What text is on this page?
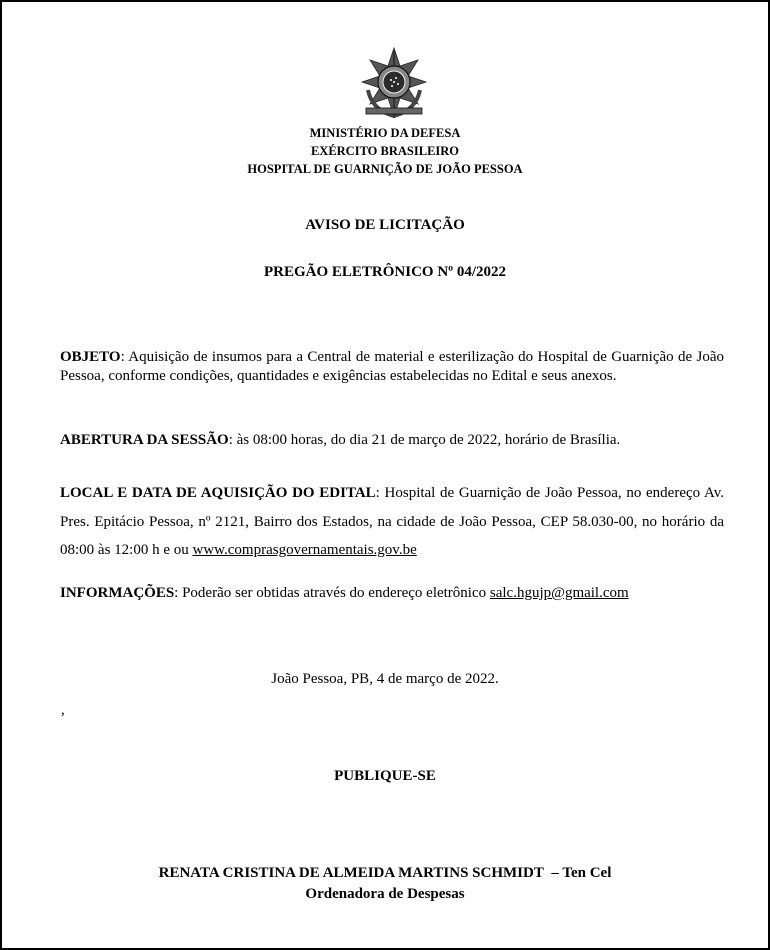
MINISTÉRIO DA DEFESA
EXÉRCITO BRASILEIRO
HOSPITAL DE GUARNIÇÃO DE JOÃO PESSOA
AVISO DE LICITAÇÃO
PREGÃO ELETRÔNICO Nº 04/2022
OBJETO: Aquisição de insumos para a Central de material e esterilização do Hospital de Guarnição de João Pessoa, conforme condições, quantidades e exigências estabelecidas no Edital e seus anexos.
ABERTURA DA SESSÃO: às 08:00 horas, do dia 21 de março de 2022, horário de Brasília.
LOCAL E DATA DE AQUISIÇÃO DO EDITAL: Hospital de Guarnição de João Pessoa, no endereço Av. Pres. Epitácio Pessoa, nº 2121, Bairro dos Estados, na cidade de João Pessoa, CEP 58.030-00, no horário da 08:00 às 12:00 h e ou www.comprasgovernamentais.gov.be
INFORMAÇÕES: Poderão ser obtidas através do endereço eletrônico salc.hgujp@gmail.com
João Pessoa, PB, 4 de março de 2022.
,
PUBLIQUE-SE
RENATA CRISTINA DE ALMEIDA MARTINS SCHMIDT – Ten Cel
Ordenadora de Despesas
